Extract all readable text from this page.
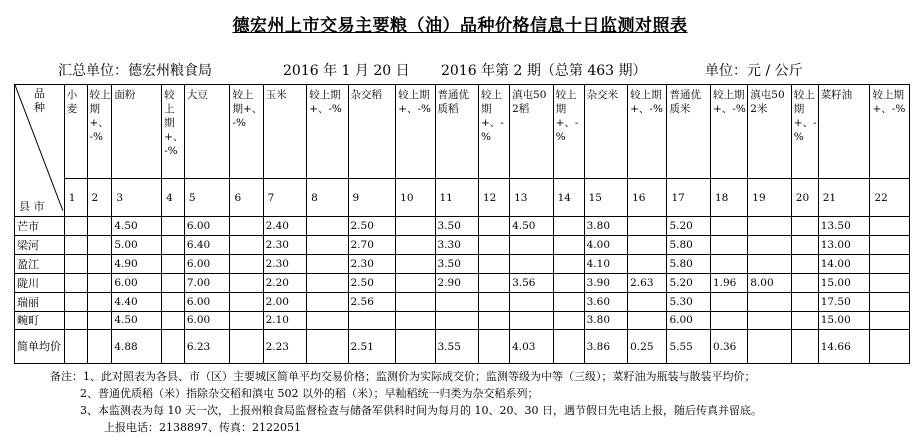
德宏州上市交易主要粮（油）品种价格信息十日监测对照表
汇总单位：德宏州粮食局	2016 年 1 月 20 日 2016 年第 2 期（总第 463 期）	单位：元 / 公斤
品种
县 市	小麦	较上期+、-%	面粉	较上期+、-%	大豆	较上期+、-%	玉米	较上期+、-%	杂交稻	较上期+、-%	普通优质稻	较上期+、-%	滇屯502稻	较上期+、-%	杂交米	较上期+、-%	普通优质米	较上期+、-%	滇屯502米	较上期+、-%	菜籽油	较上期+、-%
	1	2	3	4	5	6	7	8	9	10	11	12	13	14	15	16	17	18	19	20	21	22
芒市			4.50		6.00		2.40		2.50		3.50		4.50		3.80		5.20				13.50	
梁河			5.00		6.40		2.30		2.70		3.30				4.00		5.80				13.00	
盈江			4.90		6.00		2.30		2.30		3.50				4.10		5.80				14.00	
陇川			6.00		7.00		2.20		2.50		2.90		3.56		3.90	2.63	5.20	1.96	8.00		15.00	
瑞丽			4.40		6.00		2.00		2.56						3.60		5.30				17.50	
畹町			4.50		6.00		2.10								3.80		6.00				15.00	
简单均价			4.88		6.23		2.23		2.51		3.55		4.03		3.86	0.25	5.55	0.36			14.66	
备注：1、此对照表为各县、市（区）主要城区简单平均交易价格；监测价为实际成交价；监测等级为中等（三级）；菜籽油为瓶装与散装平均价；
2、普通优质稻（米）指除杂交稻和滇屯 502 以外的稻（米）；早籼稻统一归类为杂交稻系列；
3、本监测表为每 10 天一次，上报州粮食局监督检查与储备军供科时间为每月的 10、20、30 日，遇节假日先电话上报，随后传真并留底。
上报电话：2138897、传真：2122051
